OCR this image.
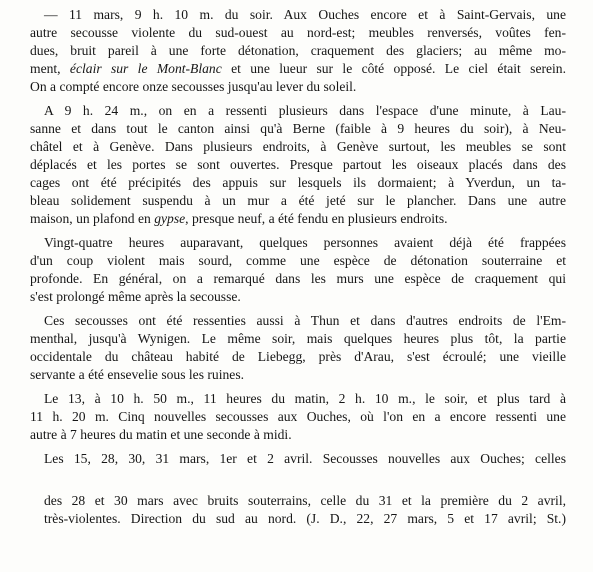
— 11 mars, 9 h. 10 m. du soir. Aux Ouches encore et à Saint-Gervais, une
autre secousse violente du sud-ouest au nord-est; meubles renversés, voûtes fen-
dues, bruit pareil à une forte détonation, craquement des glaciers; au même mo-
ment, éclair sur le Mont-Blanc et une lueur sur le côté opposé. Le ciel était serein.
On a compté encore onze secousses jusqu'au lever du soleil.
A 9 h. 24 m., on en a ressenti plusieurs dans l'espace d'une minute, à Lau-
sanne et dans tout le canton ainsi qu'à Berne (faible à 9 heures du soir), à Neu-
châtel et à Genève. Dans plusieurs endroits, à Genève surtout, les meubles se sont
déplacés et les portes se sont ouvertes. Presque partout les oiseaux placés dans des
cages ont été précipités des appuis sur lesquels ils dormaient; à Yverdun, un ta-
bleau solidement suspendu à un mur a été jeté sur le plancher. Dans une autre
maison, un plafond en gypse, presque neuf, a été fendu en plusieurs endroits.
Vingt-quatre heures auparavant, quelques personnes avaient déjà été frappées
d'un coup violent mais sourd, comme une espèce de détonation souterraine et
profonde. En général, on a remarqué dans les murs une espèce de craquement qui
s'est prolongé même après la secousse.
Ces secousses ont été ressenties aussi à Thun et dans d'autres endroits de l'Em-
menthal, jusqu'à Wynigen. Le même soir, mais quelques heures plus tôt, la partie
occidentale du château habité de Liebegg, près d'Arau, s'est écroulé; une vieille
servante a été ensevelie sous les ruines.
Le 13, à 10 h. 50 m., 11 heures du matin, 2 h. 10 m., le soir, et plus tard à
11 h. 20 m. Cinq nouvelles secousses aux Ouches, où l'on en a encore ressenti une
autre à 7 heures du matin et une seconde à midi.
Les 15, 28, 30, 31 mars, 1er et 2 avril. Secousses nouvelles aux Ouches; celles
des 28 et 30 mars avec bruits souterrains, celle du 31 et la première du 2 avril,
très-violentes. Direction du sud au nord. (J. D., 22, 27 mars, 5 et 17 avril; St.)
